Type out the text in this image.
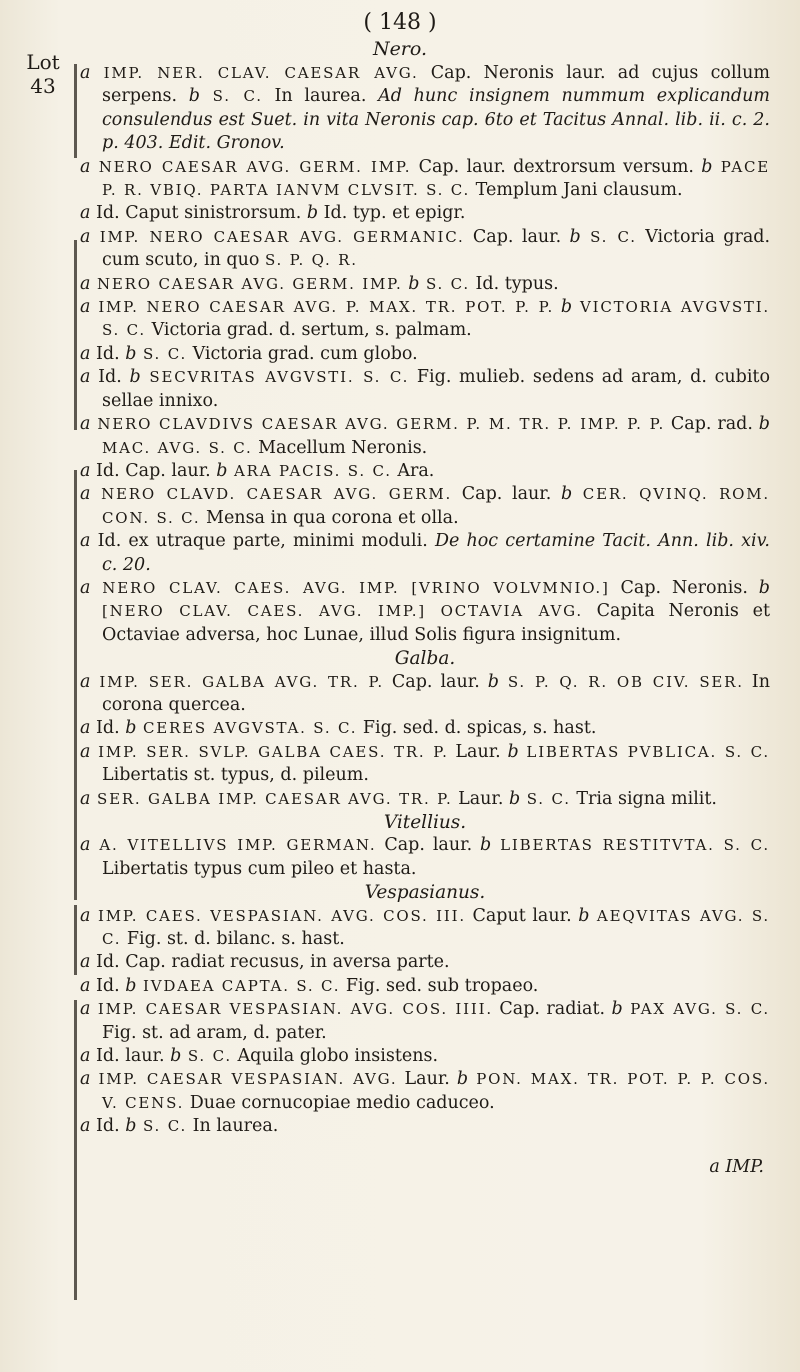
( 148 )
Nero.
Lot
43

a IMP. NER. CLAV. CAESAR AVG. Cap. Neronis laur. ad cujus collum serpens. b S. C. In laurea. Ad hunc insignem nummum explicandum consulendus est Suet. in vita Neronis cap. 6to et Tacitus Annal. lib. ii. c. 2. p. 403. Edit. Gronov.

a NERO CAESAR AVG. GERM. IMP. Cap. laur. dextrorsum versum. b PACE P. R. VBIQ. PARTA IANVM CLVSIT. S. C. Templum Jani clausum.

a Id. Caput sinistrorsum. b Id. typ. et epigr.

a IMP. NERO CAESAR AVG. GERMANIC. Cap. laur. b S. C. Victoria grad. cum scuto, in quo S. P. Q. R.

a NERO CAESAR AVG. GERM. IMP. b S. C. Id. typus.

a IMP. NERO CAESAR AVG. P. MAX. TR. POT. P. P. b VICTORIA AVGVSTI. S. C. Victoria grad. d. sertum, s. palmam.

a Id. b S. C. Victoria grad. cum globo.

a Id. b SECVRITAS AVGVSTI. S. C. Fig. mulieb. sedens ad aram, d. cubito sellae innixo.

a NERO CLAVDIVS CAESAR AVG. GERM. P. M. TR. P. IMP. P. P. Cap. rad. b MAC. AVG. S. C. Macellum Neronis.

a Id. Cap. laur. b ARA PACIS. S. C. Ara.

a NERO CLAVD. CAESAR AVG. GERM. Cap. laur. b CER. QVINQ. ROM. CON. S. C. Mensa in qua corona et olla.

a Id. ex utraque parte, minimi moduli. De hoc certamine Tacit. Ann. lib. xiv. c. 20.

a NERO CLAV. CAES. AVG. IMP. [VRINO VOLVMNIO.] Cap. Neronis. b [NERO CLAV. CAES. AVG. IMP.] OCTAVIA AVG. Capita Neronis et Octaviae adversa, hoc Lunae, illud Solis figura insignitum.

Galba.

a IMP. SER. GALBA AVG. TR. P. Cap. laur. b S. P. Q. R. OB CIV. SER. In corona quercea.

a Id. b CERES AVGVSTA. S. C. Fig. sed. d. spicas, s. hast.

a IMP. SER. SVLP. GALBA CAES. TR. P. Laur. b LIBERTAS PVBLICA. S. C. Libertatis st. typus, d. pileum.

a SER. GALBA IMP. CAESAR AVG. TR. P. Laur. b S. C. Tria signa milit.

Vitellius.

a A. VITELLIVS IMP. GERMAN. Cap. laur. b LIBERTAS RESTITVTA. S. C. Libertatis typus cum pileo et hasta.

Vespasianus.

a IMP. CAES. VESPASIAN. AVG. COS. III. Caput laur. b AEQVITAS AVG. S. C. Fig. st. d. bilanc. s. hast.

a Id. Cap. radiat recusus, in aversa parte.

a Id. b IVDAEA CAPTA. S. C. Fig. sed. sub tropaeo.

a IMP. CAESAR VESPASIAN. AVG. COS. IIII. Cap. radiat. b PAX AVG. S. C. Fig. st. ad aram, d. pater.

a Id. laur. b S. C. Aquila globo insistens.

a IMP. CAESAR VESPASIAN. AVG. Laur. b PON. MAX. TR. POT. P. P. COS. V. CENS. Duae cornucopiae medio caduceo.

a Id. b S. C. In laurea.

a IMP.
